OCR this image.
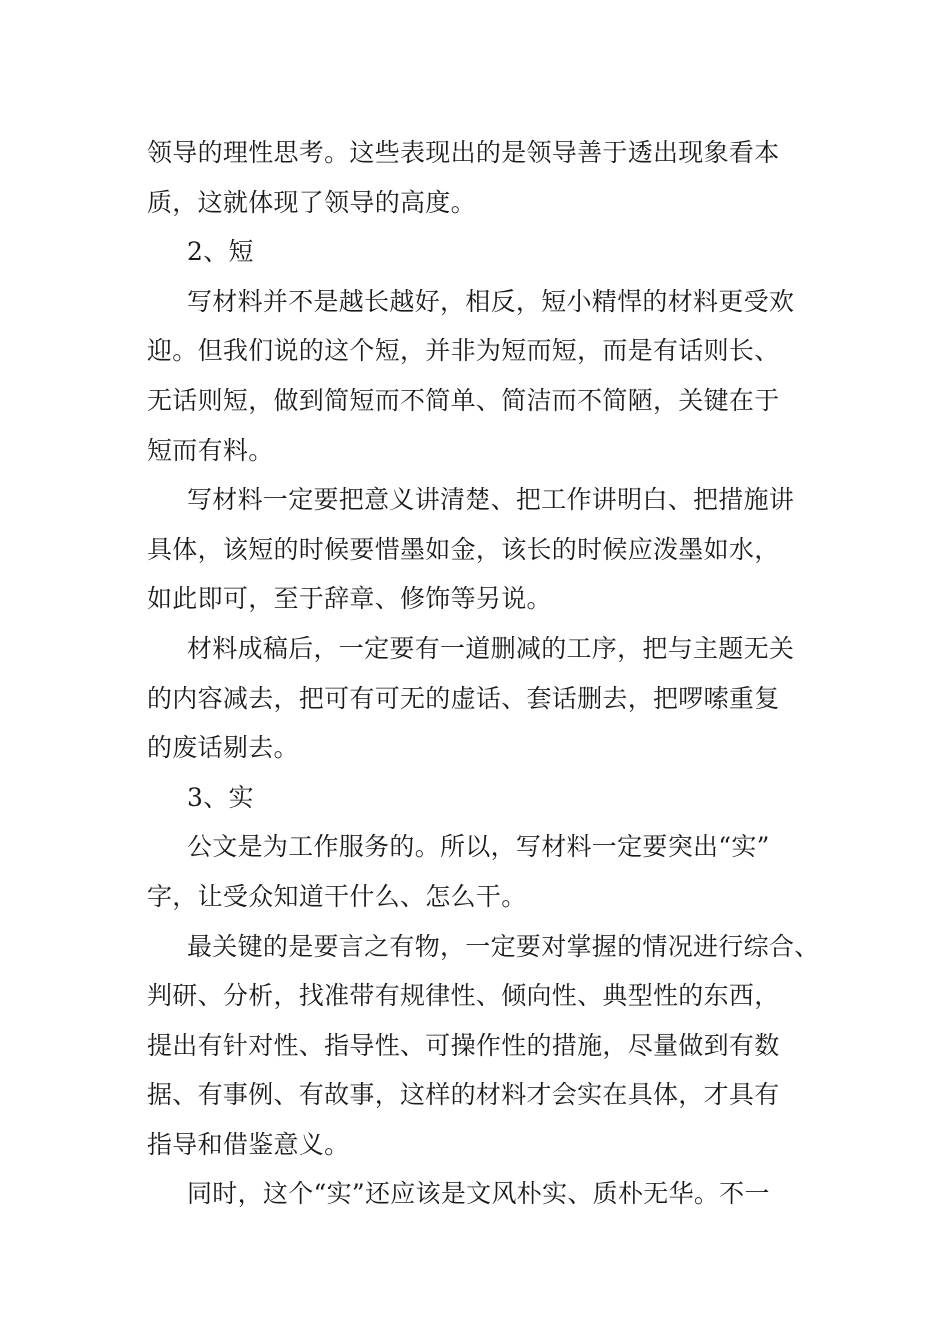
领导的理性思考。这些表现出的是领导善于透出现象看本
质，这就体现了领导的高度。
2、短
写材料并不是越长越好，相反，短小精悍的材料更受欢
迎。但我们说的这个短，并非为短而短，而是有话则长、
无话则短，做到简短而不简单、简洁而不简陋，关键在于
短而有料。
写材料一定要把意义讲清楚、把工作讲明白、把措施讲
具体，该短的时候要惜墨如金，该长的时候应泼墨如水，
如此即可，至于辞章、修饰等另说。
材料成稿后，一定要有一道删减的工序，把与主题无关
的内容减去，把可有可无的虚话、套话删去，把啰嗦重复
的废话剔去。
3、实
公文是为工作服务的。所以，写材料一定要突出“实”
字，让受众知道干什么、怎么干。
最关键的是要言之有物，一定要对掌握的情况进行综合、
判研、分析，找准带有规律性、倾向性、典型性的东西，
提出有针对性、指导性、可操作性的措施，尽量做到有数
据、有事例、有故事，这样的材料才会实在具体，才具有
指导和借鉴意义。
同时，这个“实”还应该是文风朴实、质朴无华。不一
